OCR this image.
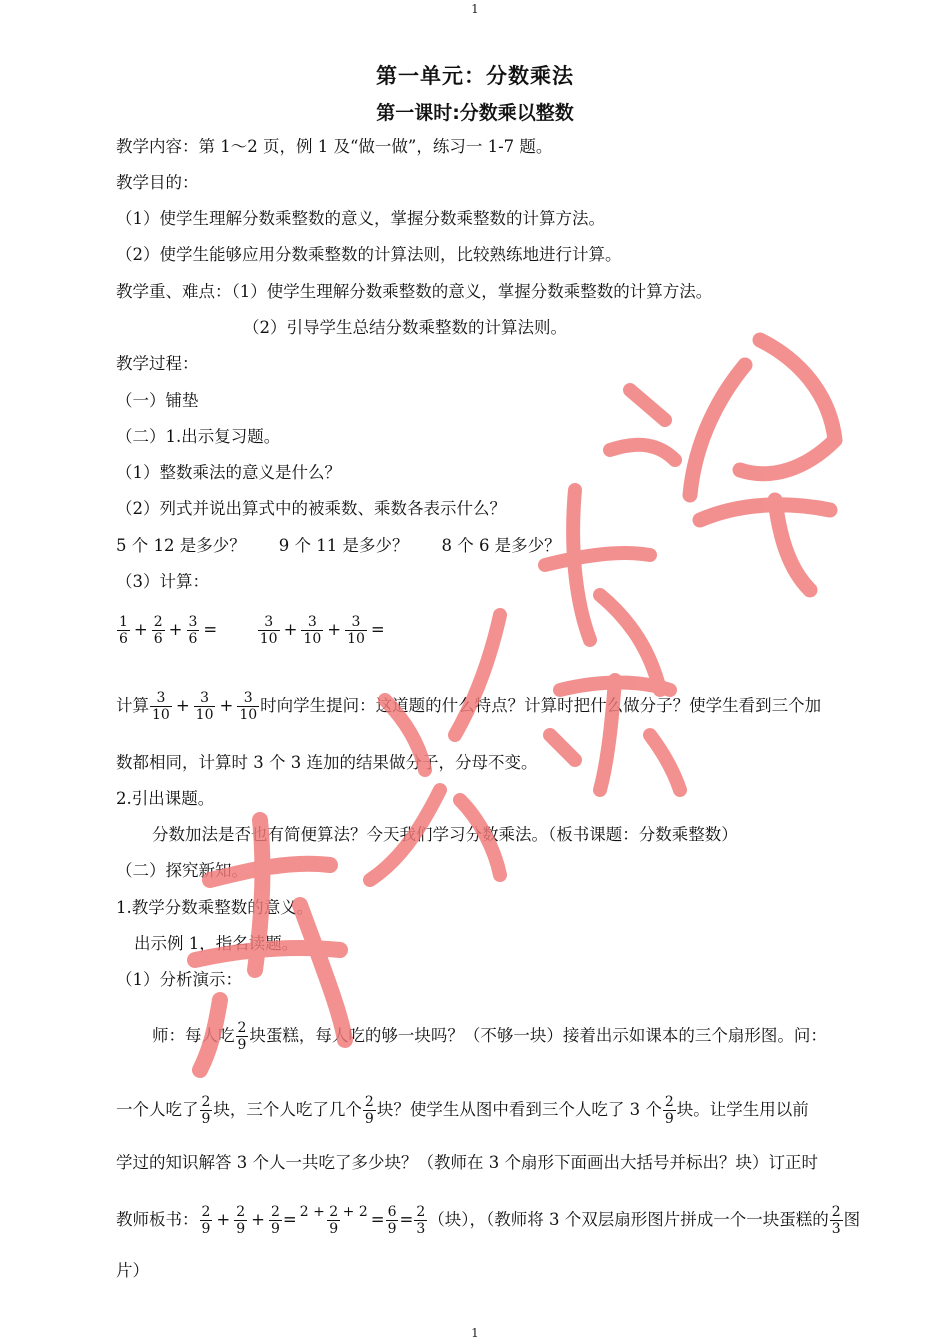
1
第一单元：分数乘法
第一课时:分数乘以整数
教学内容：第 1～2 页，例 1 及“做一做”，练习一 1-7 题。
教学目的：
（1）使学生理解分数乘整数的意义，掌握分数乘整数的计算方法。
（2）使学生能够应用分数乘整数的计算法则，比较熟练地进行计算。
教学重、难点：（1）使学生理解分数乘整数的意义，掌握分数乘整数的计算方法。
（2）引导学生总结分数乘整数的计算法则。
教学过程：
（一）铺垫
（二）1.出示复习题。
（1）整数乘法的意义是什么？
（2）列式并说出算式中的被乘数、乘数各表示什么？
5 个 12 是多少？　　9 个 11 是多少？　　8 个 6 是多少？
（3）计算：
$\frac{1}{6} + \frac{2}{6} + \frac{3}{6}$ =	$\frac{3}{10} + \frac{3}{10} + \frac{3}{10}$ =
计算 $\frac{3}{10} + \frac{3}{10} + \frac{3}{10}$ 时向学生提问：这道题的什么特点？计算时把什么做分子？使学生看到三个加
数都相同，计算时 3 个 3 连加的结果做分子，分母不变。
2.引出课题。
分数加法是否也有简便算法？今天我们学习分数乘法。（板书课题：分数乘整数）
（二）探究新知。
1.教学分数乘整数的意义。
出示例 1，指名读题。
（1）分析演示：
师：每人吃 $\frac{2}{9}$ 块蛋糕，每人吃的够一块吗？（不够一块）接着出示如课本的三个扇形图。问：
一个人吃了 $\frac{2}{9}$ 块，三个人吃了几个 $\frac{2}{9}$ 块？使学生从图中看到三个人吃了 3 个 $\frac{2}{9}$ 块。让学生用以前
学过的知识解答 3 个人一共吃了多少块？（教师在 3 个扇形下面画出大括号并标出？块）订正时
教师板书： $\frac{2}{9} + \frac{2}{9} + \frac{2}{9} = \frac{2 + 2 + 2}{9} = \frac{6}{9} = \frac{2}{3}$ （块），（教师将 3 个双层扇形图片拼成一个一块蛋糕的 $\frac{2}{3}$ 图
片）
1
